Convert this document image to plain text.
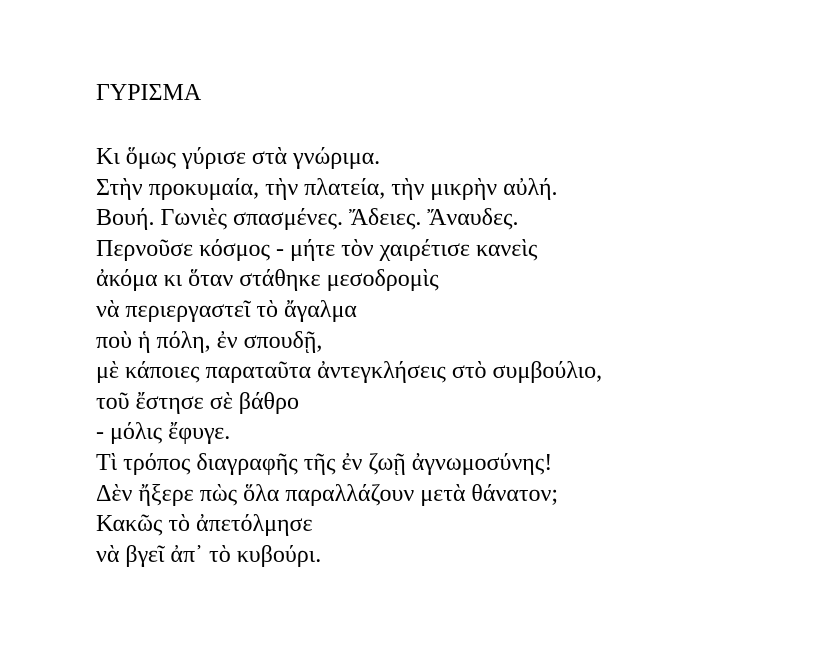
ΓΥΡΙΣΜΑ
Κι ὅμως γύρισε στὰ γνώριμα.
Στὴν προκυμαία, τὴν πλατεία, τὴν μικρὴν αὐλή.
Βουή. Γωνιὲς σπασμένες. Ἄδειες. Ἄναυδες.
Περνοῦσε κόσμος - μήτε τὸν χαιρέτισε κανεὶς
ἀκόμα κι ὅταν στάθηκε μεσοδρομὶς
νὰ περιεργαστεῖ τὸ ἄγαλμα
ποὺ ἡ πόλη, ἐν σπουδῇ,
μὲ κάποιες παραταῦτα ἀντεγκλήσεις στὸ συμβούλιο,
τοῦ ἔστησε σὲ βάθρο
- μόλις ἔφυγε.
Τὶ τρόπος διαγραφῆς τῆς ἐν ζωῇ ἀγνωμοσύνης!
Δὲν ἤξερε πὼς ὅλα παραλλάζουν μετὰ θάνατον;
Κακῶς τὸ ἀπετόλμησε
νὰ βγεῖ ἀπ᾽ τὸ κυβούρι.
